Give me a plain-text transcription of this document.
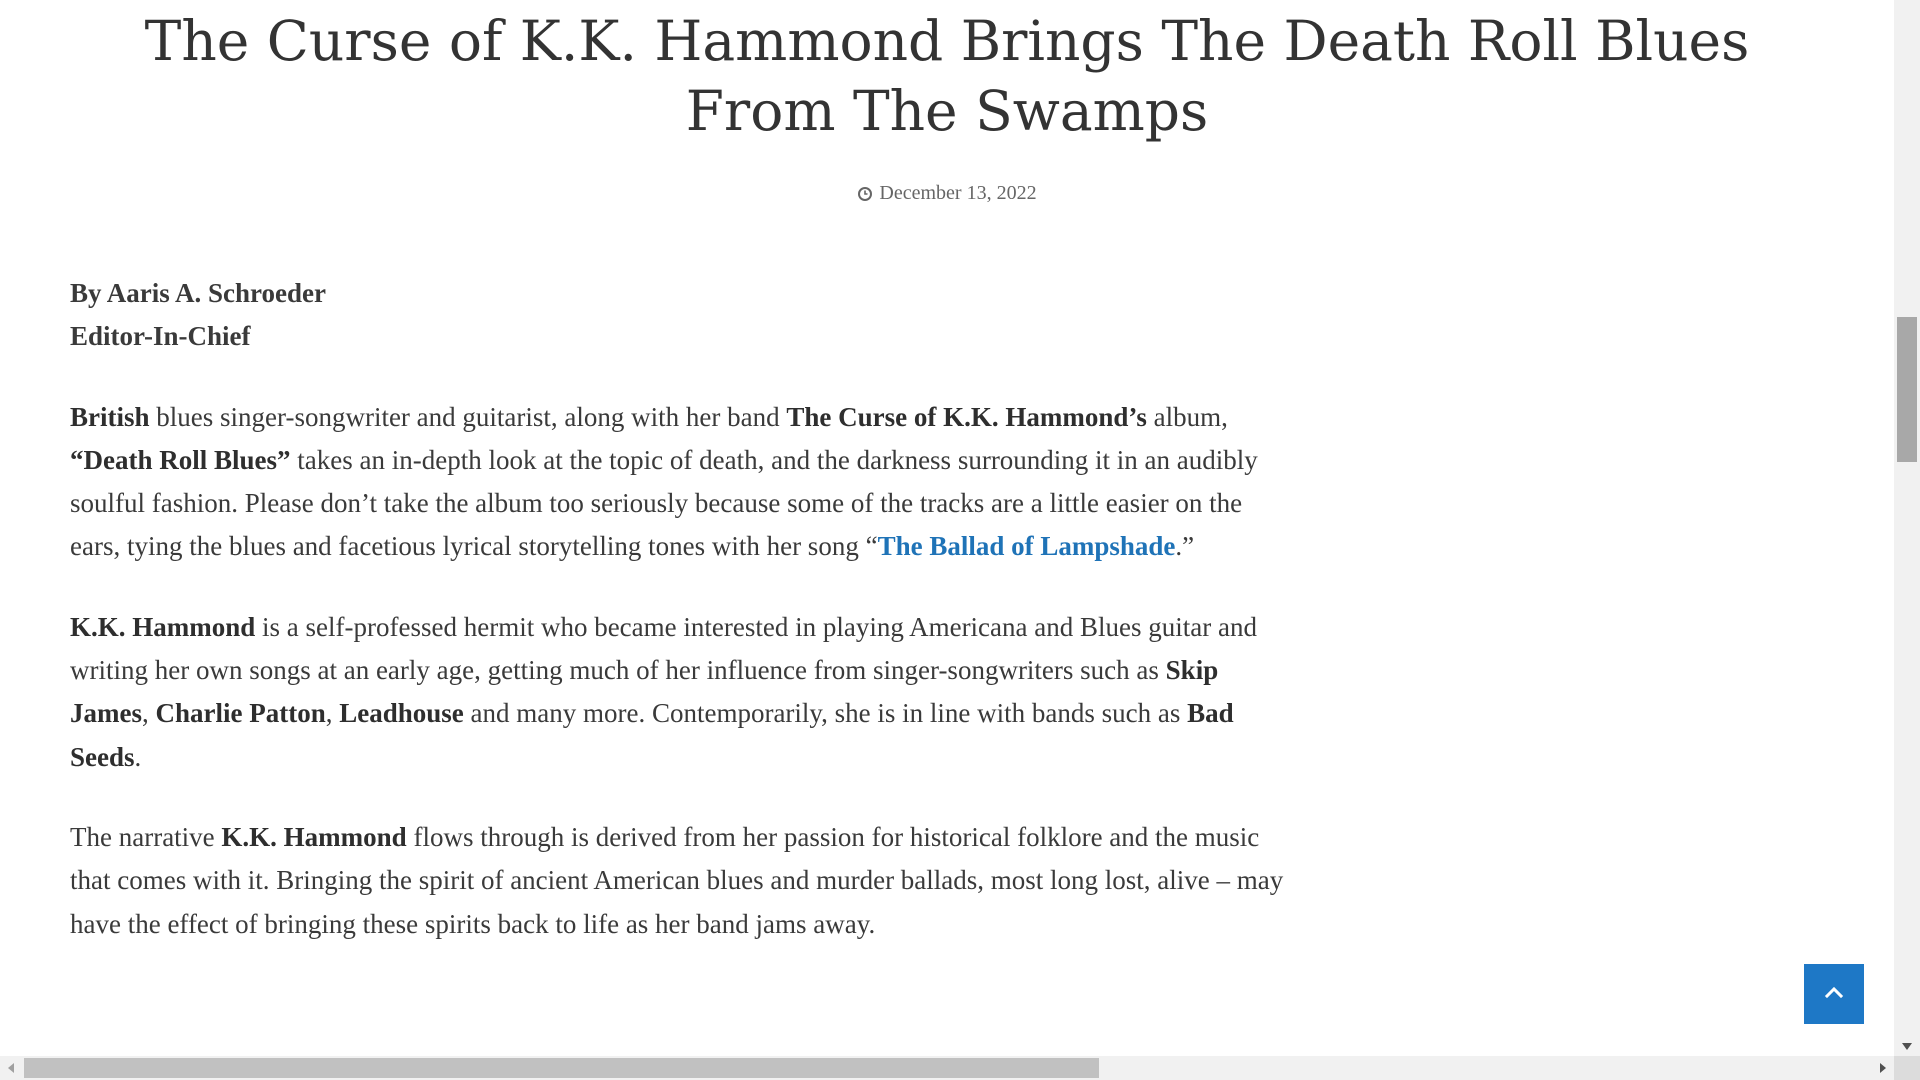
The Curse of K.K. Hammond Brings The Death Roll Blues From The Swamps
December 13, 2022
By Aaris A. Schroeder
Editor-In-Chief

British blues singer-songwriter and guitarist, along with her band The Curse of K.K. Hammond’s album, “Death Roll Blues” takes an in-depth look at the topic of death, and the darkness surrounding it in an audibly soulful fashion. Please don’t take the album too seriously because some of the tracks are a little easier on the ears, tying the blues and facetious lyrical storytelling tones with her song “The Ballad of Lampshade.”

K.K. Hammond is a self-professed hermit who became interested in playing Americana and Blues guitar and writing her own songs at an early age, getting much of her influence from singer-songwriters such as Skip James, Charlie Patton, Leadhouse and many more. Contemporarily, she is in line with bands such as Bad Seeds.

The narrative K.K. Hammond flows through is derived from her passion for historical folklore and the music that comes with it. Bringing the spirit of ancient American blues and murder ballads, most long lost, alive – may have the effect of bringing these spirits back to life as her band jams away.
